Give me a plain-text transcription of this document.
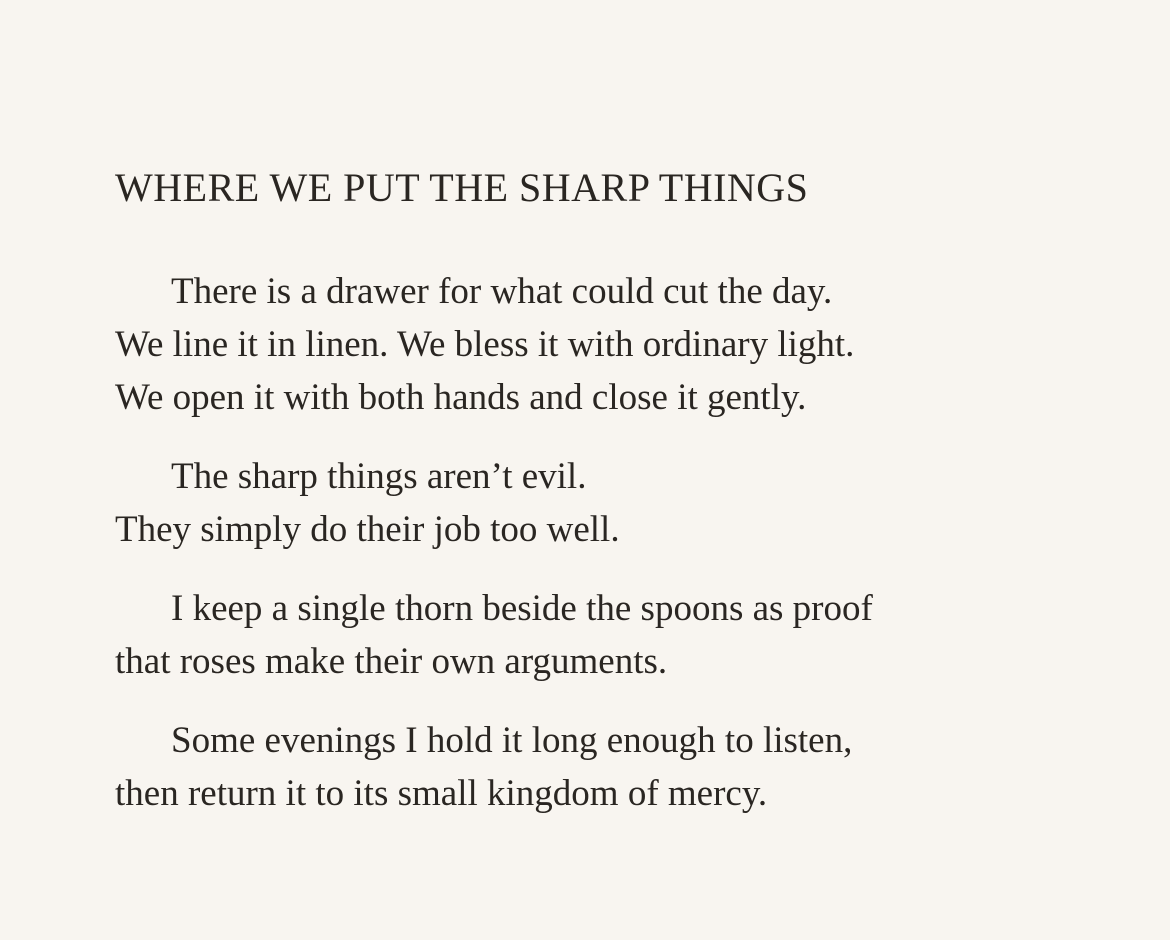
WHERE WE PUT THE SHARP THINGS

There is a drawer for what could cut the day.
We line it in linen. We bless it with ordinary light.
We open it with both hands and close it gently.

The sharp things aren’t evil.
They simply do their job too well.

I keep a single thorn beside the spoons as proof
that roses make their own arguments.

Some evenings I hold it long enough to listen,
then return it to its small kingdom of mercy.
